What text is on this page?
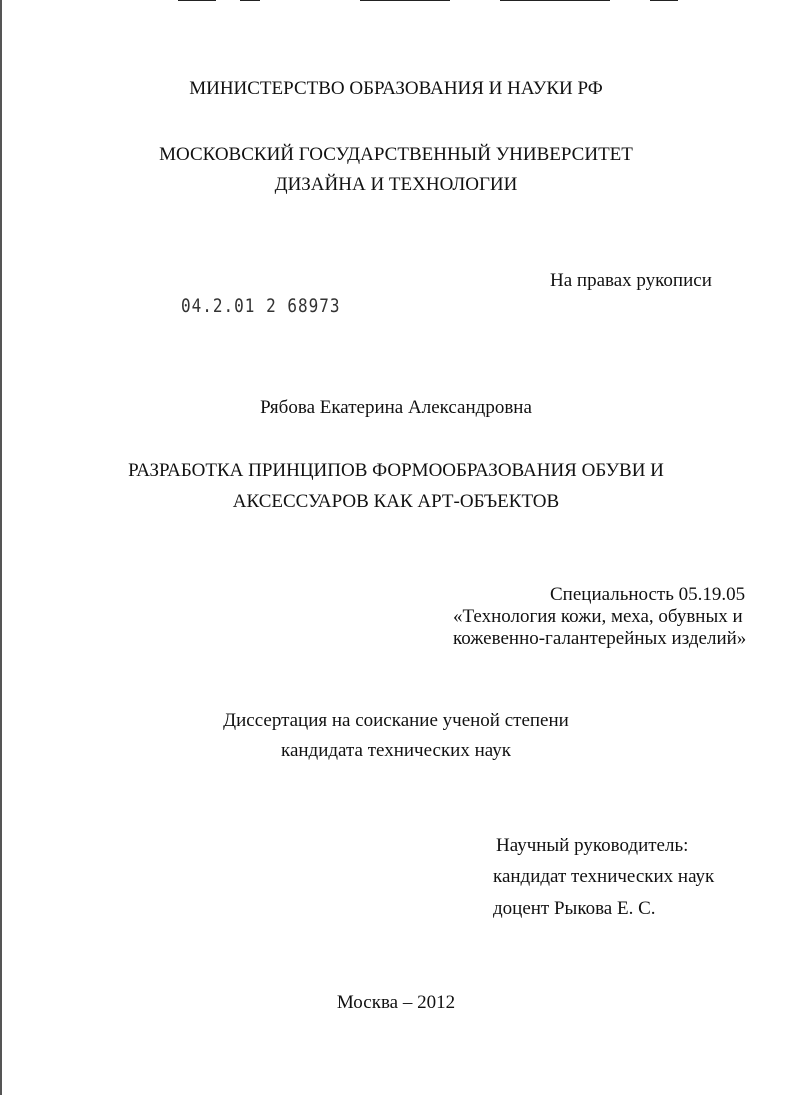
МИНИСТЕРСТВО ОБРАЗОВАНИЯ И НАУКИ РФ
МОСКОВСКИЙ ГОСУДАРСТВЕННЫЙ УНИВЕРСИТЕТ
ДИЗАЙНА И ТЕХНОЛОГИИ
На правах рукописи
04.2.01 2 68973
Рябова Екатерина Александровна
РАЗРАБОТКА ПРИНЦИПОВ ФОРМООБРАЗОВАНИЯ ОБУВИ И
АКСЕССУАРОВ КАК АРТ-ОБЪЕКТОВ
Специальность 05.19.05
«Технология кожи, меха, обувных и
кожевенно-галантерейных изделий»
Диссертация на соискание ученой степени
кандидата технических наук
Научный руководитель:
кандидат технических наук
доцент Рыкова Е. С.
Москва – 2012
